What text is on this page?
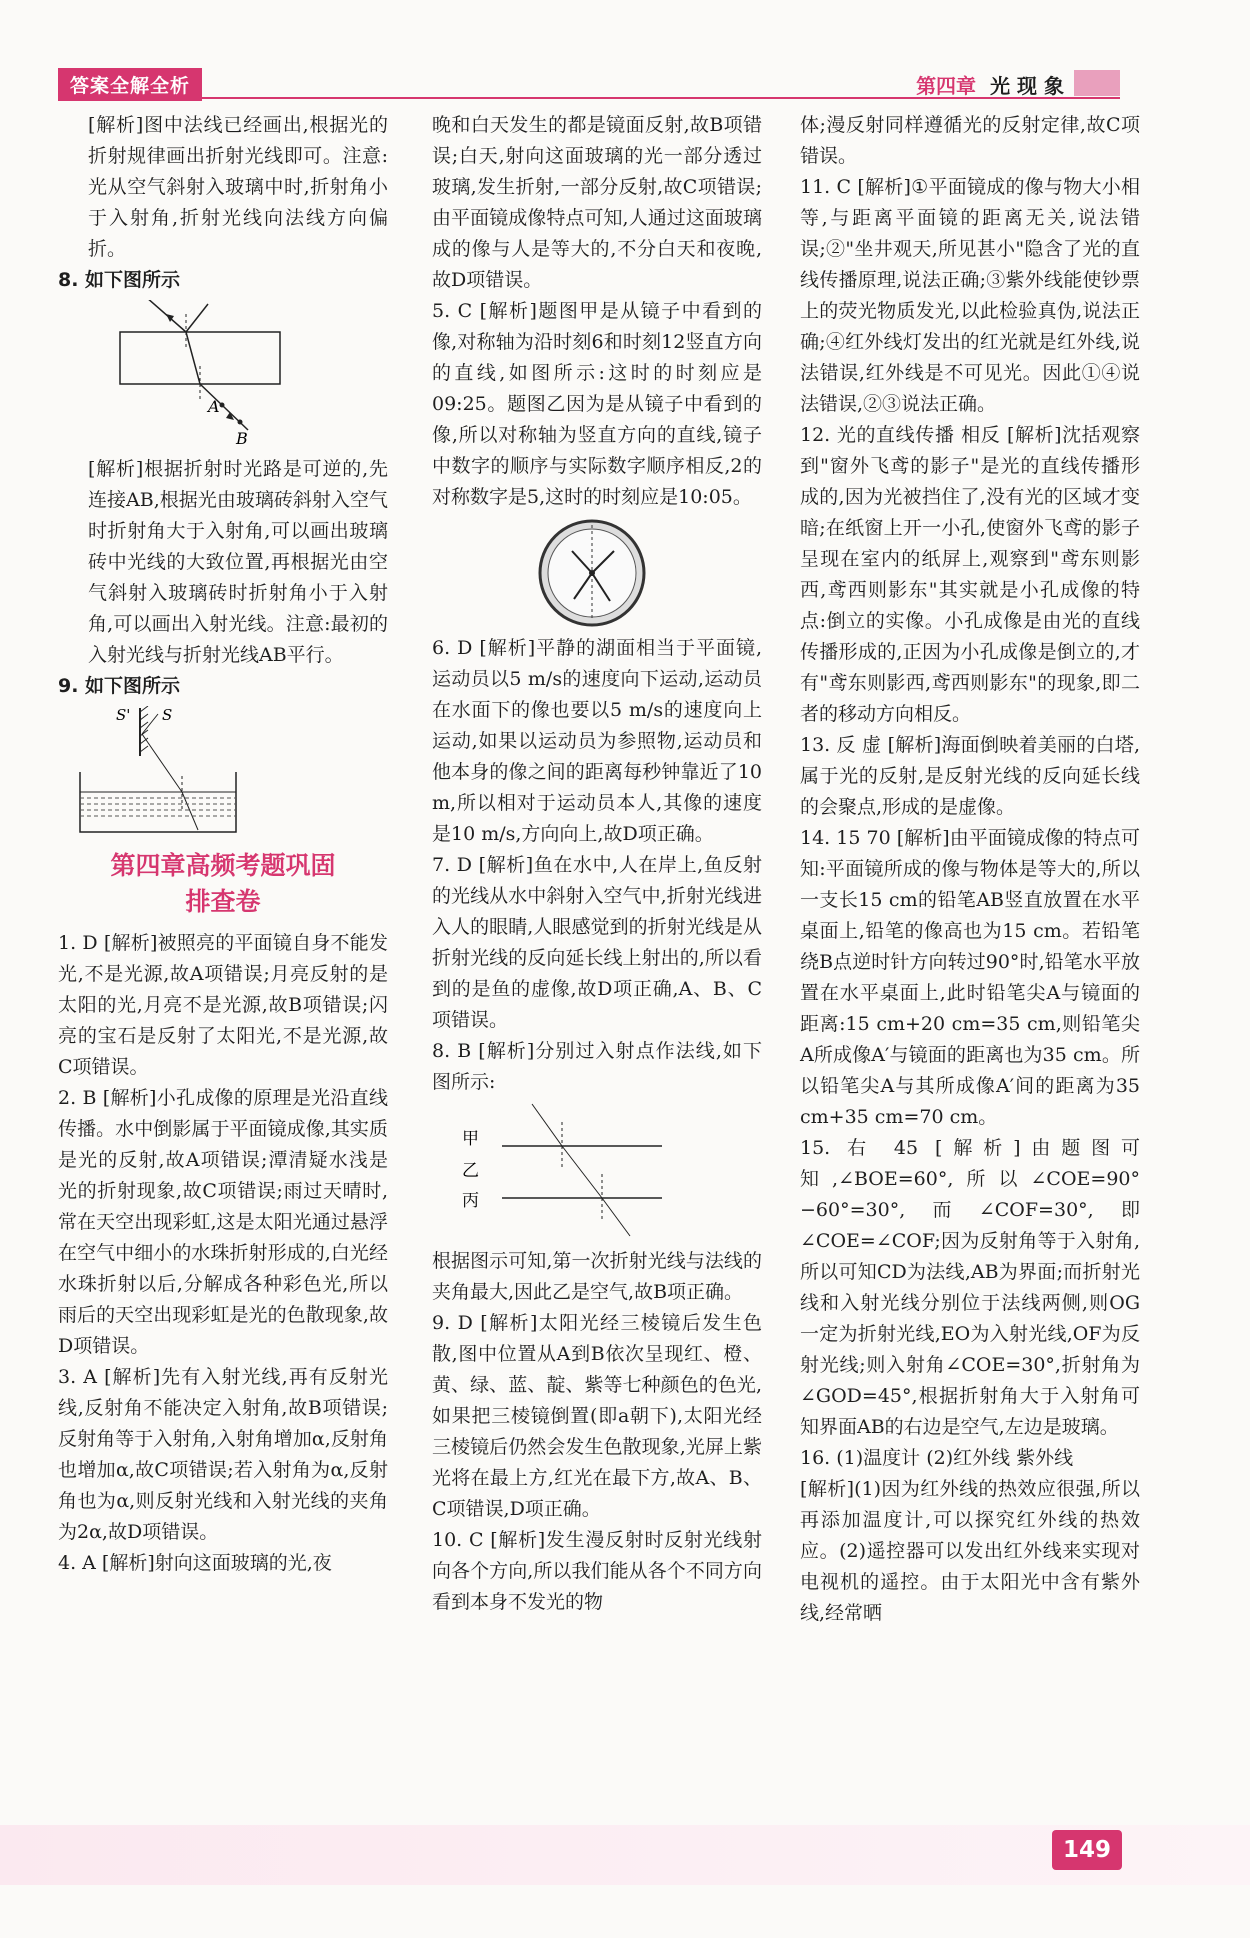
答案全解全析	第四章 光 现 象

[解析]图中法线已经画出,根据光的折射规律画出折射光线即可。注意:光从空气斜射入玻璃中时,折射角小于入射角,折射光线向法线方向偏折。

8. 如下图所示

A
B

[解析]根据折射时光路是可逆的,先连接AB,根据光由玻璃砖斜射入空气时折射角大于入射角,可以画出玻璃砖中光线的大致位置,再根据光由空气斜射入玻璃砖时折射角小于入射角,可以画出入射光线。注意:最初的入射光线与折射光线AB平行。

9. 如下图所示

S' S
第四章高频考题巩固
排查卷

1. D [解析]被照亮的平面镜自身不能发光,不是光源,故A项错误;月亮反射的是太阳的光,月亮不是光源,故B项错误;闪亮的宝石是反射了太阳光,不是光源,故C项错误。

2. B [解析]小孔成像的原理是光沿直线传播。水中倒影属于平面镜成像,其实质是光的反射,故A项错误;潭清疑水浅是光的折射现象,故C项错误;雨过天晴时,常在天空出现彩虹,这是太阳光通过悬浮在空气中细小的水珠折射形成的,白光经水珠折射以后,分解成各种彩色光,所以雨后的天空出现彩虹是光的色散现象,故D项错误。

3. A [解析]先有入射光线,再有反射光线,反射角不能决定入射角,故B项错误;反射角等于入射角,入射角增加α,反射角也增加α,故C项错误;若入射角为α,反射角也为α,则反射光线和入射光线的夹角为2α,故D项错误。

4. A [解析]射向这面玻璃的光,夜

晚和白天发生的都是镜面反射,故B项错误;白天,射向这面玻璃的光一部分透过玻璃,发生折射,一部分反射,故C项错误;由平面镜成像特点可知,人通过这面玻璃成的像与人是等大的,不分白天和夜晚,故D项错误。

5. C [解析]题图甲是从镜子中看到的像,对称轴为沿时刻6和时刻12竖直方向的直线,如图所示:这时的时刻应是09:25。题图乙因为是从镜子中看到的像,所以对称轴为竖直方向的直线,镜子中数字的顺序与实际数字顺序相反,2的对称数字是5,这时的时刻应是10:05。

6. D [解析]平静的湖面相当于平面镜,运动员以5 m/s的速度向下运动,运动员在水面下的像也要以5 m/s的速度向上运动,如果以运动员为参照物,运动员和他本身的像之间的距离每秒钟靠近了10 m,所以相对于运动员本人,其像的速度是10 m/s,方向向上,故D项正确。

7. D [解析]鱼在水中,人在岸上,鱼反射的光线从水中斜射入空气中,折射光线进入人的眼睛,人眼感觉到的折射光线是从折射光线的反向延长线上射出的,所以看到的是鱼的虚像,故D项正确,A、B、C项错误。

8. B [解析]分别过入射点作法线,如下图所示:

甲
乙
丙

根据图示可知,第一次折射光线与法线的夹角最大,因此乙是空气,故B项正确。

9. D [解析]太阳光经三棱镜后发生色散,图中位置从A到B依次呈现红、橙、黄、绿、蓝、靛、紫等七种颜色的色光,如果把三棱镜倒置(即a朝下),太阳光经三棱镜后仍然会发生色散现象,光屏上紫光将在最上方,红光在最下方,故A、B、C项错误,D项正确。

10. C [解析]发生漫反射时反射光线射向各个方向,所以我们能从各个不同方向看到本身不发光的物

体;漫反射同样遵循光的反射定律,故C项错误。

11. C [解析]①平面镜成的像与物大小相等,与距离平面镜的距离无关,说法错误;②"坐井观天,所见甚小"隐含了光的直线传播原理,说法正确;③紫外线能使钞票上的荧光物质发光,以此检验真伪,说法正确;④红外线灯发出的红光就是红外线,说法错误,红外线是不可见光。因此①④说法错误,②③说法正确。

12. 光的直线传播 相反 [解析]沈括观察到"窗外飞鸢的影子"是光的直线传播形成的,因为光被挡住了,没有光的区域才变暗;在纸窗上开一小孔,使窗外飞鸢的影子呈现在室内的纸屏上,观察到"鸢东则影西,鸢西则影东"其实就是小孔成像的特点:倒立的实像。小孔成像是由光的直线传播形成的,正因为小孔成像是倒立的,才有"鸢东则影西,鸢西则影东"的现象,即二者的移动方向相反。

13. 反 虚 [解析]海面倒映着美丽的白塔,属于光的反射,是反射光线的反向延长线的会聚点,形成的是虚像。

14. 15 70 [解析]由平面镜成像的特点可知:平面镜所成的像与物体是等大的,所以一支长15 cm的铅笔AB竖直放置在水平桌面上,铅笔的像高也为15 cm。若铅笔绕B点逆时针方向转过90°时,铅笔水平放置在水平桌面上,此时铅笔尖A与镜面的距离:15 cm+20 cm=35 cm,则铅笔尖A所成像A′与镜面的距离也为35 cm。所以铅笔尖A与其所成像A′间的距离为35 cm+35 cm=70 cm。

15. 右 45 [解析]由题图可知,∠BOE=60°,所以∠COE=90°−60°=30°,而∠COF=30°,即∠COE=∠COF;因为反射角等于入射角,所以可知CD为法线,AB为界面;而折射光线和入射光线分别位于法线两侧,则OG一定为折射光线,EO为入射光线,OF为反射光线;则入射角∠COE=30°,折射角为∠GOD=45°,根据折射角大于入射角可知界面AB的右边是空气,左边是玻璃。

16. (1)温度计 (2)红外线 紫外线

[解析](1)因为红外线的热效应很强,所以再添加温度计,可以探究红外线的热效应。(2)遥控器可以发出红外线来实现对电视机的遥控。由于太阳光中含有紫外线,经常晒

149
